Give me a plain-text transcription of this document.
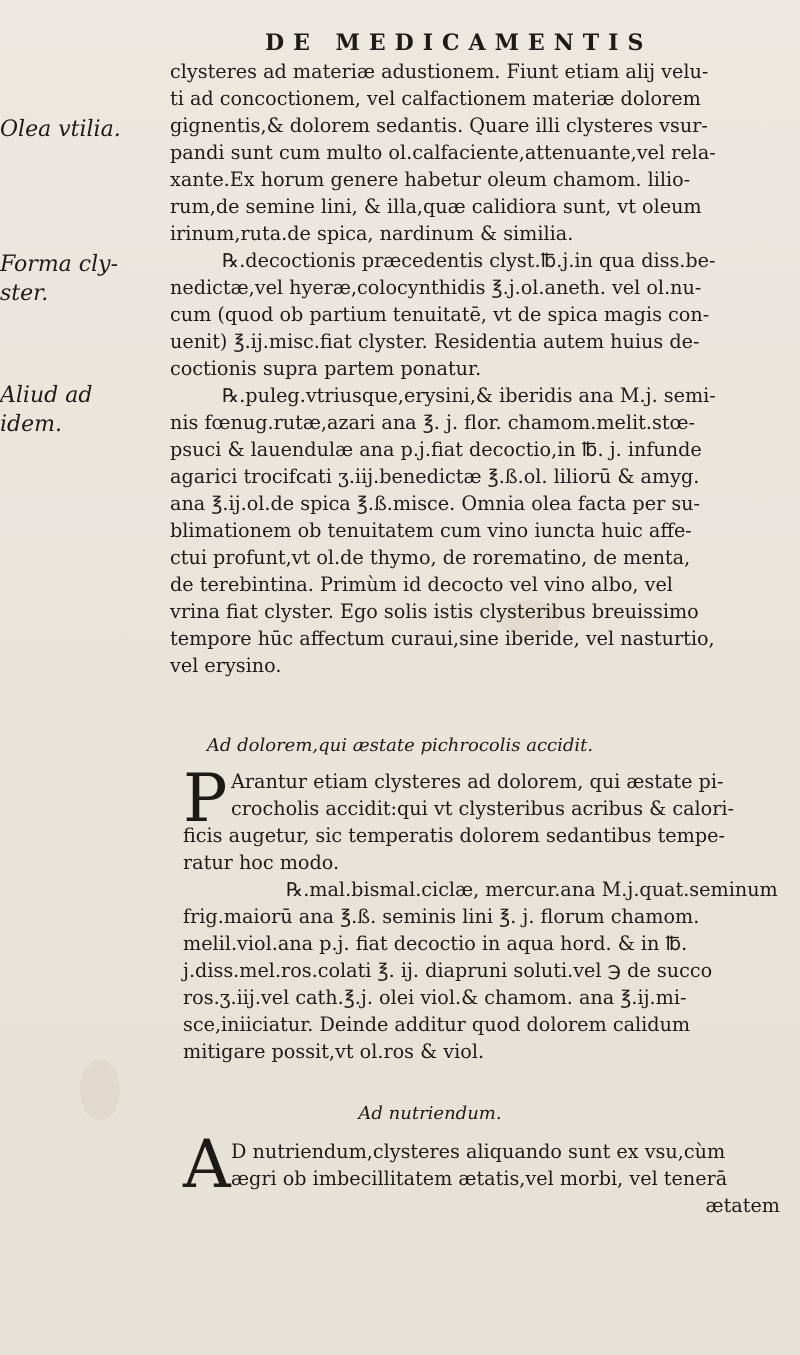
DE MEDICAMENTIS
Olea vtilia.
Forma cly-
ster.
Aliud ad
idem.
clysteres ad materiæ adustionem. Fiunt etiam alij velu-
ti ad concoctionem, vel calfactionem materiæ dolorem
gignentis,& dolorem sedantis. Quare illi clysteres vsur-
pandi sunt cum multo ol.calfaciente,attenuante,vel rela-
xante.Ex horum genere habetur oleum chamom. lilio-
rum,de semine lini, & illa,quæ calidiora sunt, vt oleum
irinum,ruta.de spica, nardinum & similia.
℞.decoctionis præcedentis clyst.℔.j.in qua diss.be-
nedictæ,vel hyeræ,colocynthidis ℥.j.ol.aneth. vel ol.nu-
cum (quod ob partium tenuitatē, vt de spica magis con-
uenit) ℥.ij.misc.fiat clyster. Residentia autem huius de-
coctionis supra partem ponatur.
℞.puleg.vtriusque,erysini,& iberidis ana M.j. semi-
nis fœnug.rutæ,azari ana ℥. j. flor. chamom.melit.stœ-
psuci & lauendulæ ana p.j.fiat decoctio,in ℔. j. infunde
agarici trocifcati ʒ.iij.benedictæ ℥.ß.ol. liliorū & amyg.
ana ℥.ij.ol.de spica ℥.ß.misce. Omnia olea facta per su-
blimationem ob tenuitatem cum vino iuncta huic affe-
ctui profunt,vt ol.de thymo, de rorematino, de menta,
de terebintina. Primùm id decocto vel vino albo, vel
vrina fiat clyster. Ego solis istis clysteribus breuissimo
tempore hūc affectum curaui,sine iberide, vel nasturtio,
vel erysino.
Ad dolorem,qui æstate pichrocolis accidit.
P Arantur etiam clysteres ad dolorem, qui æstate pi-
crocholis accidit:qui vt clysteribus acribus & calori-
ficis augetur, sic temperatis dolorem sedantibus tempe-
ratur hoc modo.
℞.mal.bismal.ciclæ, mercur.ana M.j.quat.seminum
frig.maiorū ana ℥.ß. seminis lini ℥. j. florum chamom.
melil.viol.ana p.j. fiat decoctio in aqua hord. & in ℔.
j.diss.mel.ros.colati ℥. ij. diapruni soluti.vel ℈ de succo
ros.ʒ.iij.vel cath.℥.j. olei viol.& chamom. ana ℥.ij.mi-
sce,iniiciatur. Deinde additur quod dolorem calidum
mitigare possit,vt ol.ros & viol.
Ad nutriendum.
A D nutriendum,clysteres aliquando sunt ex vsu,cùm
ægri ob imbecillitatem ætatis,vel morbi, vel tenerā
ætatem
